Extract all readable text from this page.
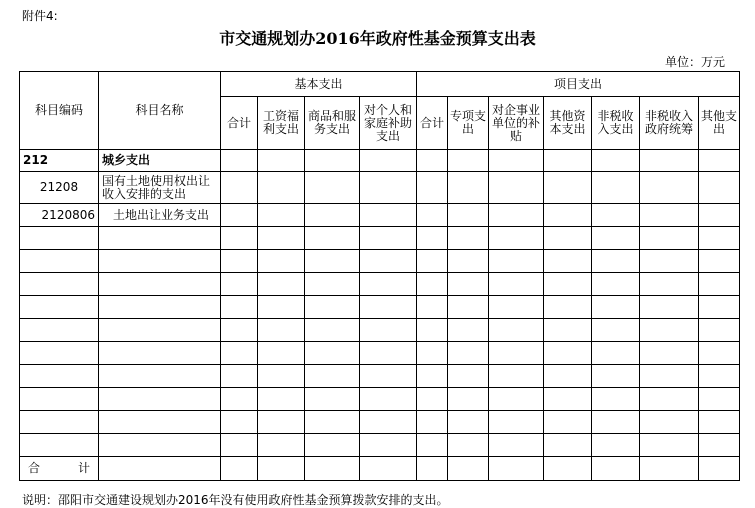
附件4:
市交通规划办2016年政府性基金预算支出表
单位：万元
科目编码	科目名称	基本支出				项目支出						
		合计	工资福利支出	商品和服务支出	对个人和家庭补助支出	合计	专项支出	对企事业单位的补贴	其他资本支出	非税收入支出	非税收入政府统筹	其他支出
212	城乡支出											
21208	国有土地使用权出让收入安排的支出											
2120806	土地出让业务支出											

合 计												
说明：邵阳市交通建设规划办2016年没有使用政府性基金预算拨款安排的支出。
